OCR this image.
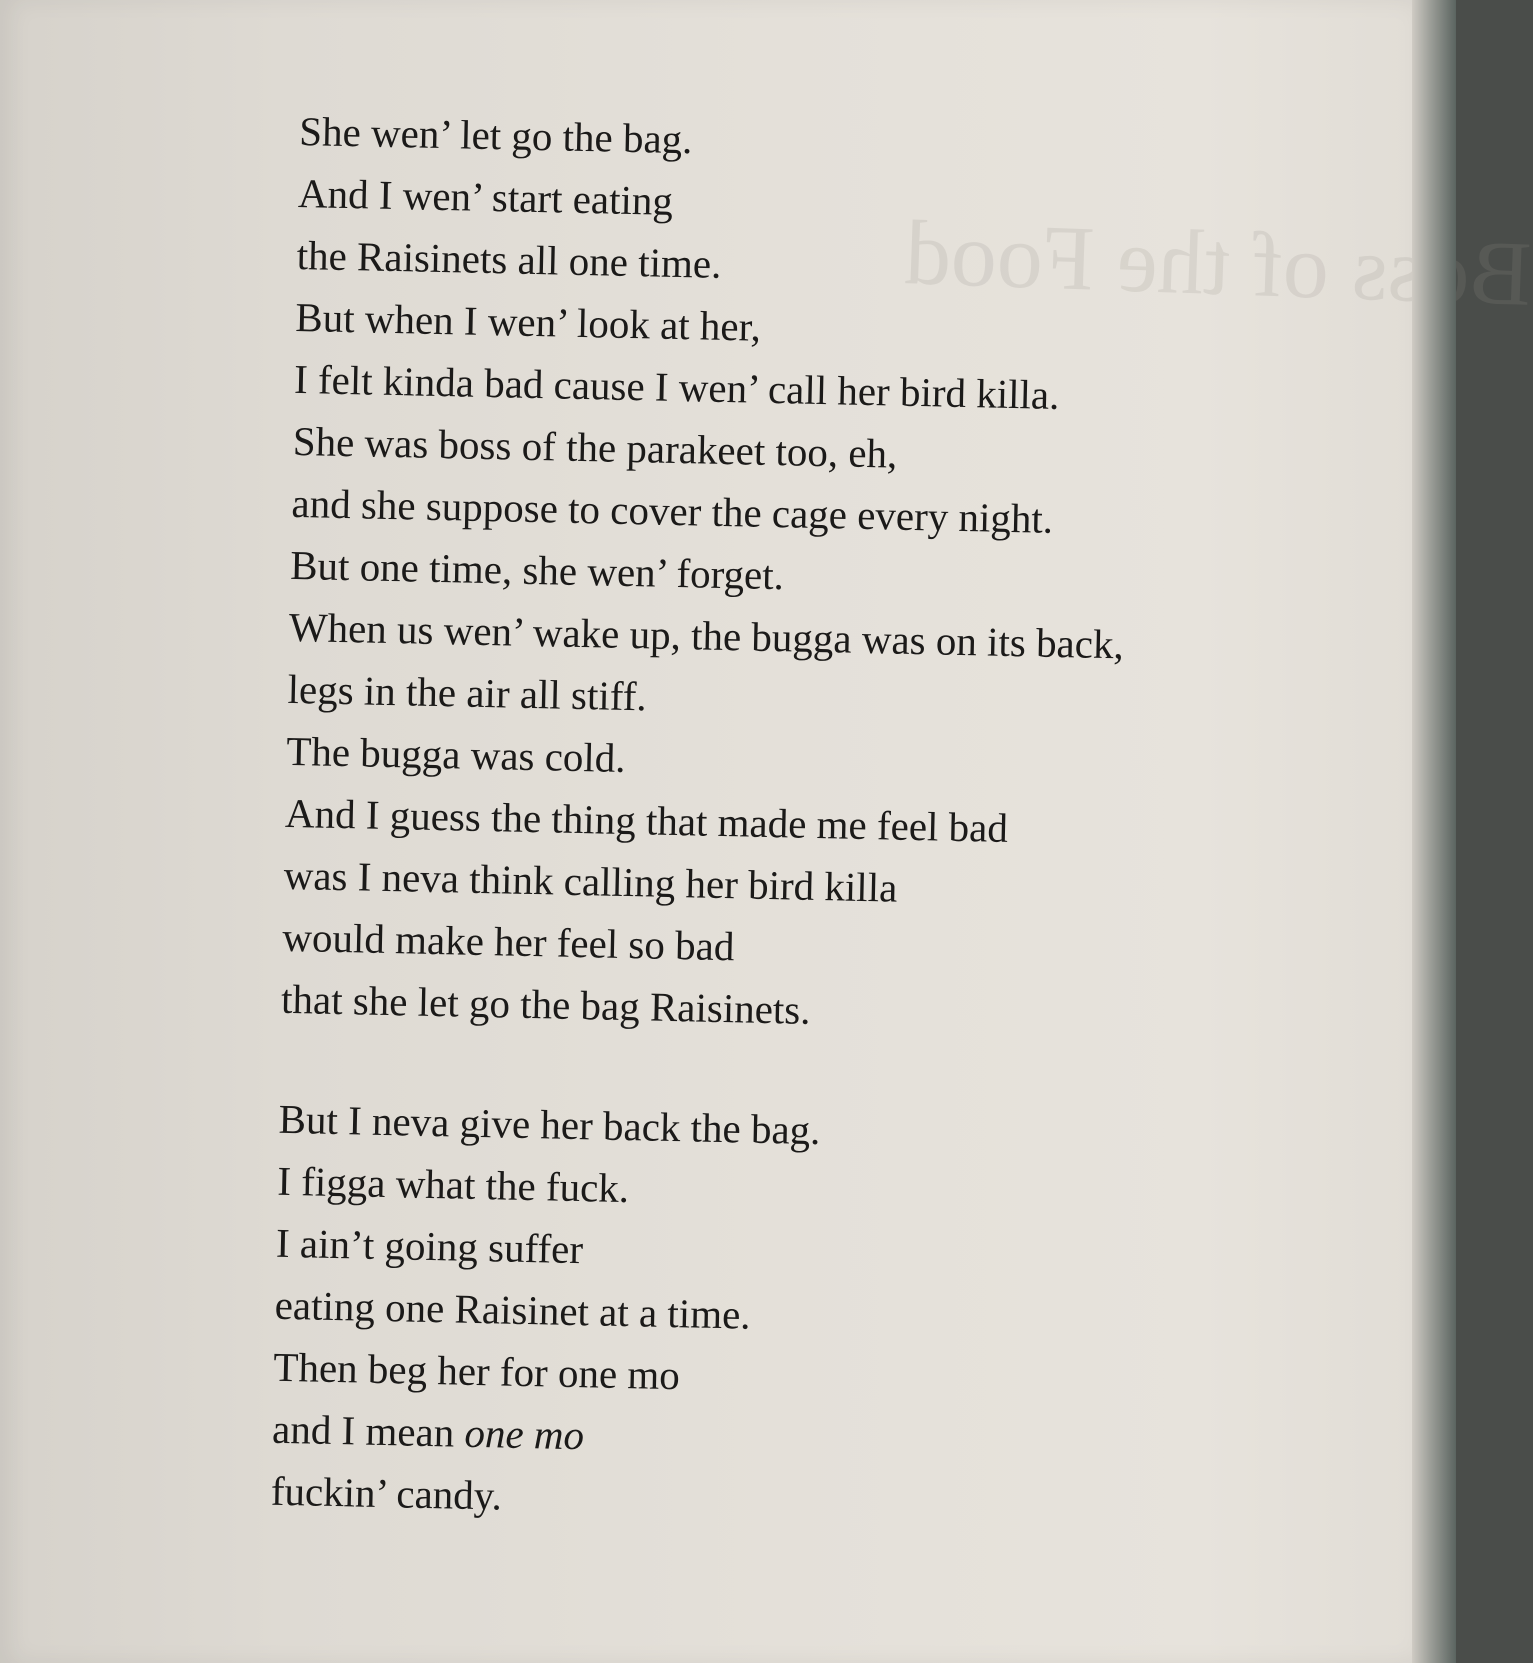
Boss of the Food

She wen’ let go the bag.
And I wen’ start eating
the Raisinets all one time.
But when I wen’ look at her,
I felt kinda bad cause I wen’ call her bird killa.
She was boss of the parakeet too, eh,
and she suppose to cover the cage every night.
But one time, she wen’ forget.
When us wen’ wake up, the bugga was on its back,
legs in the air all stiff.
The bugga was cold.
And I guess the thing that made me feel bad
was I neva think calling her bird killa
would make her feel so bad
that she let go the bag Raisinets.

But I neva give her back the bag.
I figga what the fuck.
I ain’t going suffer
eating one Raisinet at a time.
Then beg her for one mo
and I mean one mo
fuckin’ candy.
